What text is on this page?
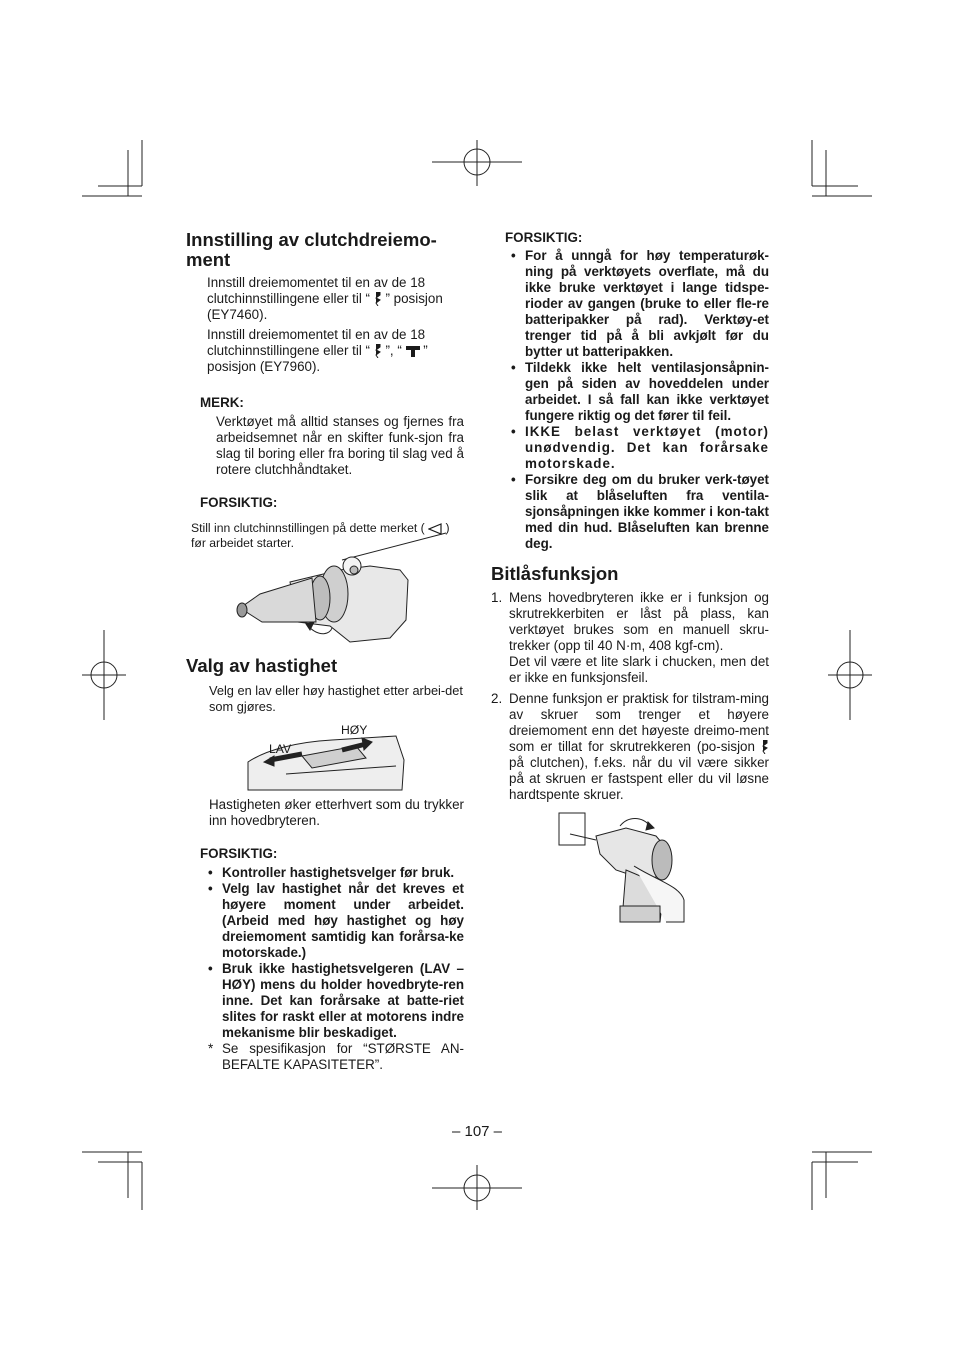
Innstilling av clutchdreiemo-
ment

Innstill dreiemomentet til en av de 18
clutchinnstillingene eller til “ ” posisjon
(EY7460).

Innstill dreiemomentet til en av de 18
clutchinnstillingene eller til “ ”, “ ”
posisjon (EY7960).

MERK:

Verktøyet må alltid stanses og fjernes fra arbeidsemnet når en skifter funk-sjon fra slag til boring eller fra boring til slag ved å rotere clutchhåndtaket.

FORSIKTIG:

Still inn clutchinnstillingen på dette merket ( )
før arbeidet starter.

Valg av hastighet

Velg en lav eller høy hastighet etter arbei-det som gjøres.

HØY
LAV

Hastigheten øker etterhvert som du trykker inn hovedbryteren.

FORSIKTIG:

• Kontroller hastighetsvelger før bruk.

• Velg lav hastighet når det kreves et høyere moment under arbeidet. (Arbeid med høy hastighet og høy dreiemoment samtidig kan forårsa-ke motorskade.)

• Bruk ikke hastighetsvelgeren (LAV – HØY) mens du holder hovedbryte-ren inne. Det kan forårsake at batte-riet slites for raskt eller at motorens indre mekanisme blir beskadiget.

* Se spesifikasjon for “STØRSTE AN-BEFALTE KAPASITETER”.

FORSIKTIG:

• For å unngå for høy temperaturøk-ning på verktøyets overflate, må du ikke bruke verktøyet i lange tidspe-rioder av gangen (bruke to eller fle-re batteripakker på rad). Verktøy-et trenger tid på å bli avkjølt før du bytter ut batteripakken.

• Tildekk ikke helt ventilasjonsåpnin-gen på siden av hoveddelen under arbeidet. I så fall kan ikke verktøyet fungere riktig og det fører til feil.

• IKKE belast verktøyet (motor) unødvendig. Det kan forårsake motorskade.

• Forsikre deg om du bruker verk-tøyet slik at blåseluften fra ventila-sjonsåpningen ikke kommer i kon-takt med din hud. Blåseluften kan brenne deg.

Bitlåsfunksjon

1. Mens hovedbryteren ikke er i funksjon og skrutrekkerbiten er låst på plass, kan verktøyet brukes som en manuell skru-trekker (opp til 40 N·m, 408 kgf-cm).
Det vil være et lite slark i chucken, men det er ikke en funksjonsfeil.

2. Denne funksjon er praktisk for tilstram-ming av skruer som trenger et høyere dreiemoment enn det høyeste dreimo-ment som er tillat for skrutrekkeren (po-sisjon  på clutchen), f.eks. når du vil være sikker på at skruen er fastspent eller du vil løsne hardtspente skruer.

– 107 –
